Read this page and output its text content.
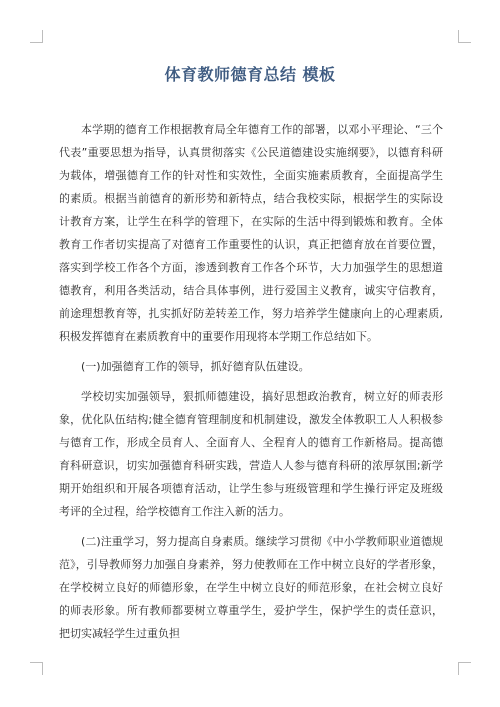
体育教师德育总结 模板

本学期的德育工作根据教育局全年德育工作的部署，以邓小平理论、“三个代表”重要思想为指导，认真贯彻落实《公民道德建设实施纲要》，以德育科研为载体，增强德育工作的针对性和实效性，全面实施素质教育，全面提高学生的素质。根据当前德育的新形势和新特点，结合我校实际，根据学生的实际设计教育方案，让学生在科学的管理下，在实际的生活中得到锻炼和教育。全体教育工作者切实提高了对德育工作重要性的认识，真正把德育放在首要位置，落实到学校工作各个方面，渗透到教育工作各个环节，大力加强学生的思想道德教育，利用各类活动，结合具体事例，进行爱国主义教育，诚实守信教育，前途理想教育等，扎实抓好防差转差工作，努力培养学生健康向上的心理素质,积极发挥德育在素质教育中的重要作用现将本学期工作总结如下。

(一)加强德育工作的领导，抓好德育队伍建设。

学校切实加强领导，狠抓师德建设，搞好思想政治教育，树立好的师表形象，优化队伍结构;健全德育管理制度和机制建设，激发全体教职工人人积极参与德育工作，形成全员育人、全面育人、全程育人的德育工作新格局。提高德育科研意识，切实加强德育科研实践，营造人人参与德育科研的浓厚氛围;新学期开始组织和开展各项德育活动，让学生参与班级管理和学生操行评定及班级考评的全过程，给学校德育工作注入新的活力。

(二)注重学习，努力提高自身素质。继续学习贯彻《中小学教师职业道德规范》，引导教师努力加强自身素养，努力使教师在工作中树立良好的学者形象，在学校树立良好的师德形象，在学生中树立良好的师范形象，在社会树立良好的师表形象。所有教师都要树立尊重学生，爱护学生，保护学生的责任意识，把切实减轻学生过重负担
